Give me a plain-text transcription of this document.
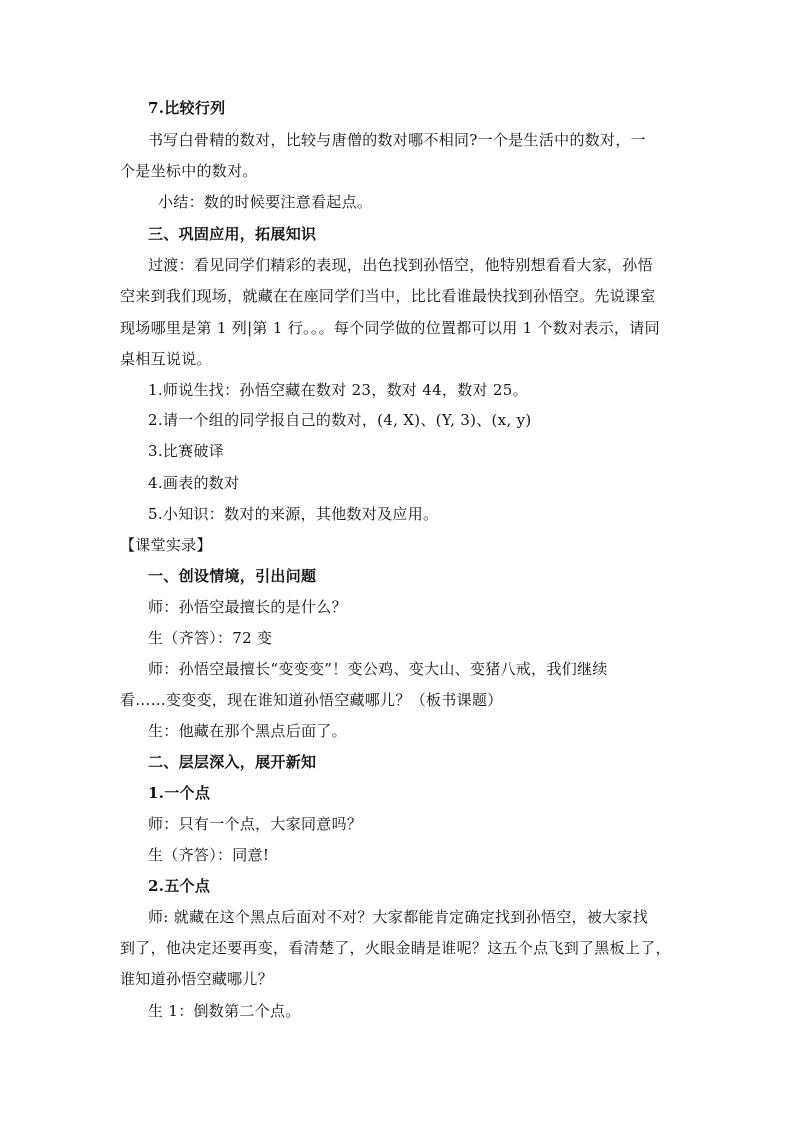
7.比较行列
书写白骨精的数对，比较与唐僧的数对哪不相同?一个是生活中的数对，一
个是坐标中的数对。
小结：数的时候要注意看起点。
三、巩固应用，拓展知识
过渡：看见同学们精彩的表现，出色找到孙悟空，他特别想看看大家，孙悟
空来到我们现场，就藏在在座同学们当中，比比看谁最快找到孙悟空。先说课室
现场哪里是第 1 列|第 1 行。。。每个同学做的位置都可以用 1 个数对表示，请同
桌相互说说。
1.师说生找：孙悟空藏在数对 23，数对 44，数对 25。
2.请一个组的同学报自己的数对，(4, X)、(Y, 3)、(x, y)
3.比赛破译
4.画表的数对
5.小知识：数对的来源，其他数对及应用。
【课堂实录】
一、创设情境，引出问题
师：孙悟空最擅长的是什么？
生（齐答）：72 变
师：孙悟空最擅长“变变变”！变公鸡、变大山、变猪八戒，我们继续
看……变变变，现在谁知道孙悟空藏哪儿？（板书课题）
生：他藏在那个黑点后面了。
二、层层深入，展开新知
1.一个点
师：只有一个点，大家同意吗？
生（齐答）：同意!
2.五个点
师: 就藏在这个黑点后面对不对？大家都能肯定确定找到孙悟空，被大家找
到了，他决定还要再变，看清楚了，火眼金睛是谁呢？这五个点飞到了黑板上了，
谁知道孙悟空藏哪儿？
生 1：倒数第二个点。
